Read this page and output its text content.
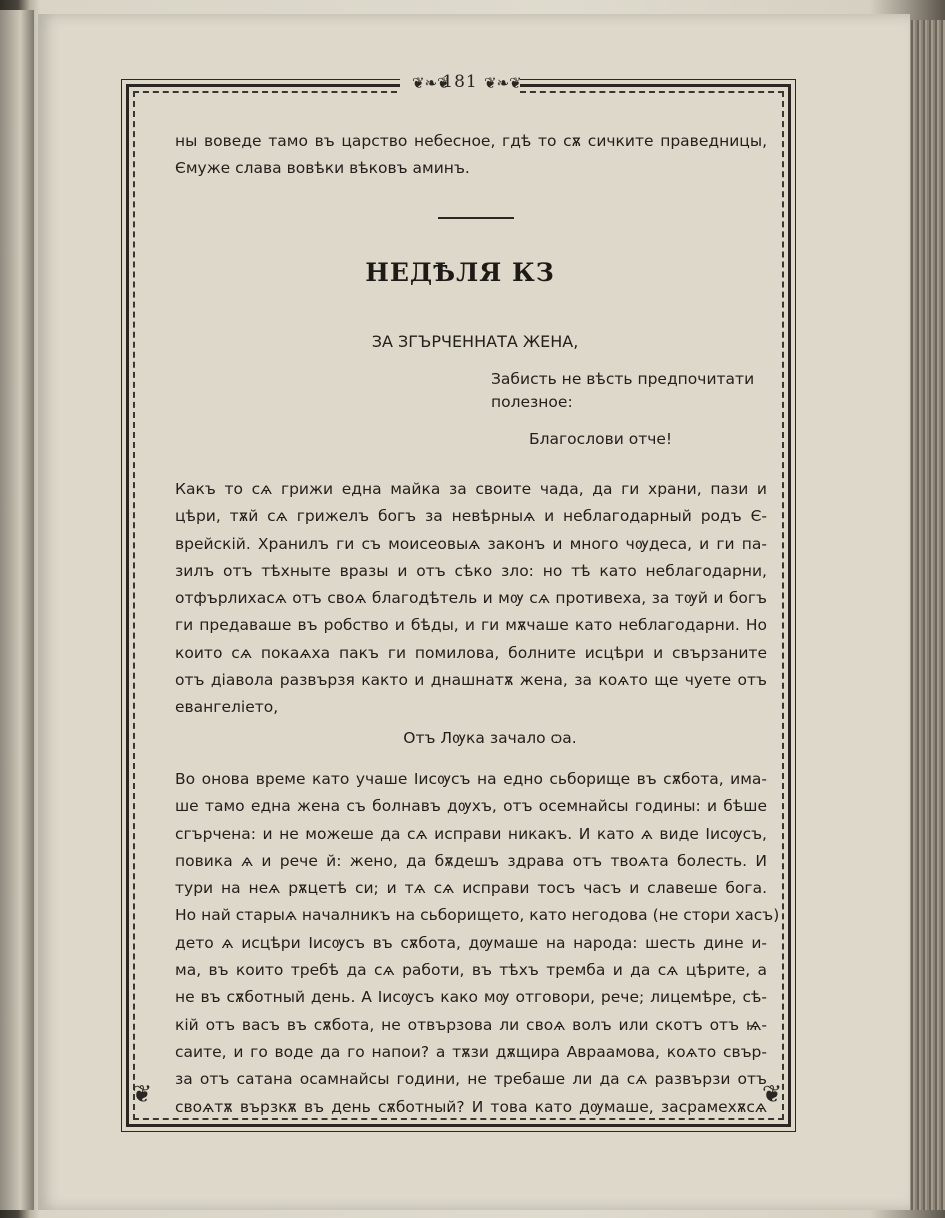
❦❧❦
181 ❦❧❦
❦	❦
ны воведе тамо въ царство небесное, гдѣ то сѫ сичките праведницы,
Ємуже слава вовѣки вѣковъ аминъ.
НЕДѢЛЯ КЗ
ЗА ЗГЪРЧЕННАТА ЖЕНА,
Забисть не вѣсть предпочитати
полезное:
Благослови отче!
Какъ то сѧ грижи една майка за своите чада, да ги храни, пази и
цѣри, тѫй сѧ грижелъ богъ за невѣрныѧ и неблагодарный родъ Є-
врейскій. Хранилъ ги съ моисеовыѧ законъ и много чѹдеса, и ги па-
зилъ отъ тѣхныте вразы и отъ сѣко зло: но тѣ като неблагодарни,
отфърлихасѧ отъ своѧ благодѣтель и мѹ сѧ противеха, за тѹй и богъ
ги предаваше въ робство и бѣды, и ги мѫчаше като неблагодарни. Но
които сѧ покаѧха пакъ ги помилова, болните исцѣри и свързаните
отъ діавола развързя както и днашнатѫ жена, за коѧто ще чуете отъ
евангеліето,
Отъ Лѹка зачало ѻа.
Во онова време като учаше Іисѹсъ на едно сьборище въ сѫбота, има-
ше тамо една жена съ болнавъ дѹхъ, отъ осемнайсы годины: и бѣше
сгърчена: и не можеше да сѧ исправи никакъ. И като ѧ виде Іисѹсъ,
повика ѧ и рече й: жено, да бѫдешъ здрава отъ твоѧта болесть. И
тури на неѧ рѫцетѣ си; и тѧ сѧ исправи тосъ часъ и славеше бога.
Но най старыѧ началникъ на сьборището, като негодова (не стори хасъ)
дето ѧ исцѣри Іисѹсъ въ сѫбота, дѹмаше на народа: шесть дине и-
ма, въ които требѣ да сѧ работи, въ тѣхъ тремба и да сѧ цѣрите, а
не въ сѫботный день. А Іисѹсъ како мѹ отговори, рече; лицемѣре, сѣ-
кій отъ васъ въ сѫбота, не отвързова ли своѧ волъ или скотъ отъ ѩ-
саите, и го воде да го напои? а тѫзи дѫщира Авраамова, коѧто свър-
за отъ сатана осамнайсы години, не требаше ли да сѧ развързи отъ
своѧтѫ вързкѫ въ день сѫботный? И това като дѹмаше, засрамехѫсѧ
